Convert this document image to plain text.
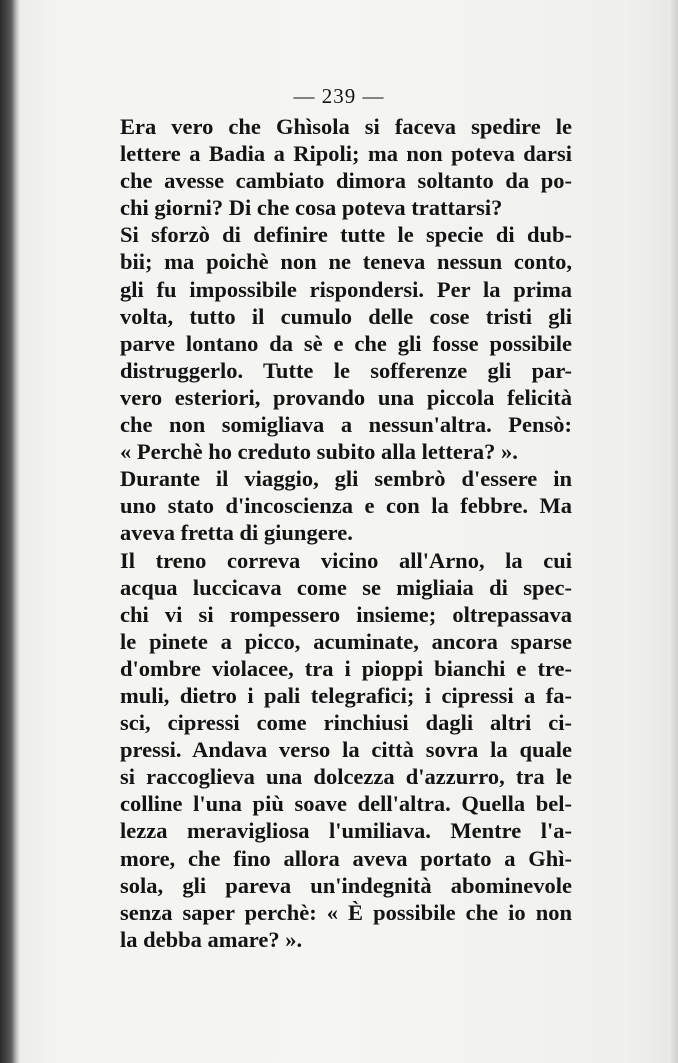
— 239 —
Era vero che Ghìsola si faceva spedire le
lettere a Badia a Ripoli; ma non poteva darsi
che avesse cambiato dimora soltanto da po-
chi giorni? Di che cosa poteva trattarsi?
Si sforzò di definire tutte le specie di dub-
bii; ma poichè non ne teneva nessun conto,
gli fu impossibile rispondersi. Per la prima
volta, tutto il cumulo delle cose tristi gli
parve lontano da sè e che gli fosse possibile
distruggerlo. Tutte le sofferenze gli par-
vero esteriori, provando una piccola felicità
che non somigliava a nessun'altra. Pensò:
« Perchè ho creduto subito alla lettera? ».
Durante il viaggio, gli sembrò d'essere in
uno stato d'incoscienza e con la febbre. Ma
aveva fretta di giungere.
Il treno correva vicino all'Arno, la cui
acqua luccicava come se migliaia di spec-
chi vi si rompessero insieme; oltrepassava
le pinete a picco, acuminate, ancora sparse
d'ombre violacee, tra i pioppi bianchi e tre-
muli, dietro i pali telegrafici; i cipressi a fa-
sci, cipressi come rinchiusi dagli altri ci-
pressi. Andava verso la città sovra la quale
si raccoglieva una dolcezza d'azzurro, tra le
colline l'una più soave dell'altra. Quella bel-
lezza meravigliosa l'umiliava. Mentre l'a-
more, che fino allora aveva portato a Ghì-
sola, gli pareva un'indegnità abominevole
senza saper perchè: « È possibile che io non
la debba amare? ».
